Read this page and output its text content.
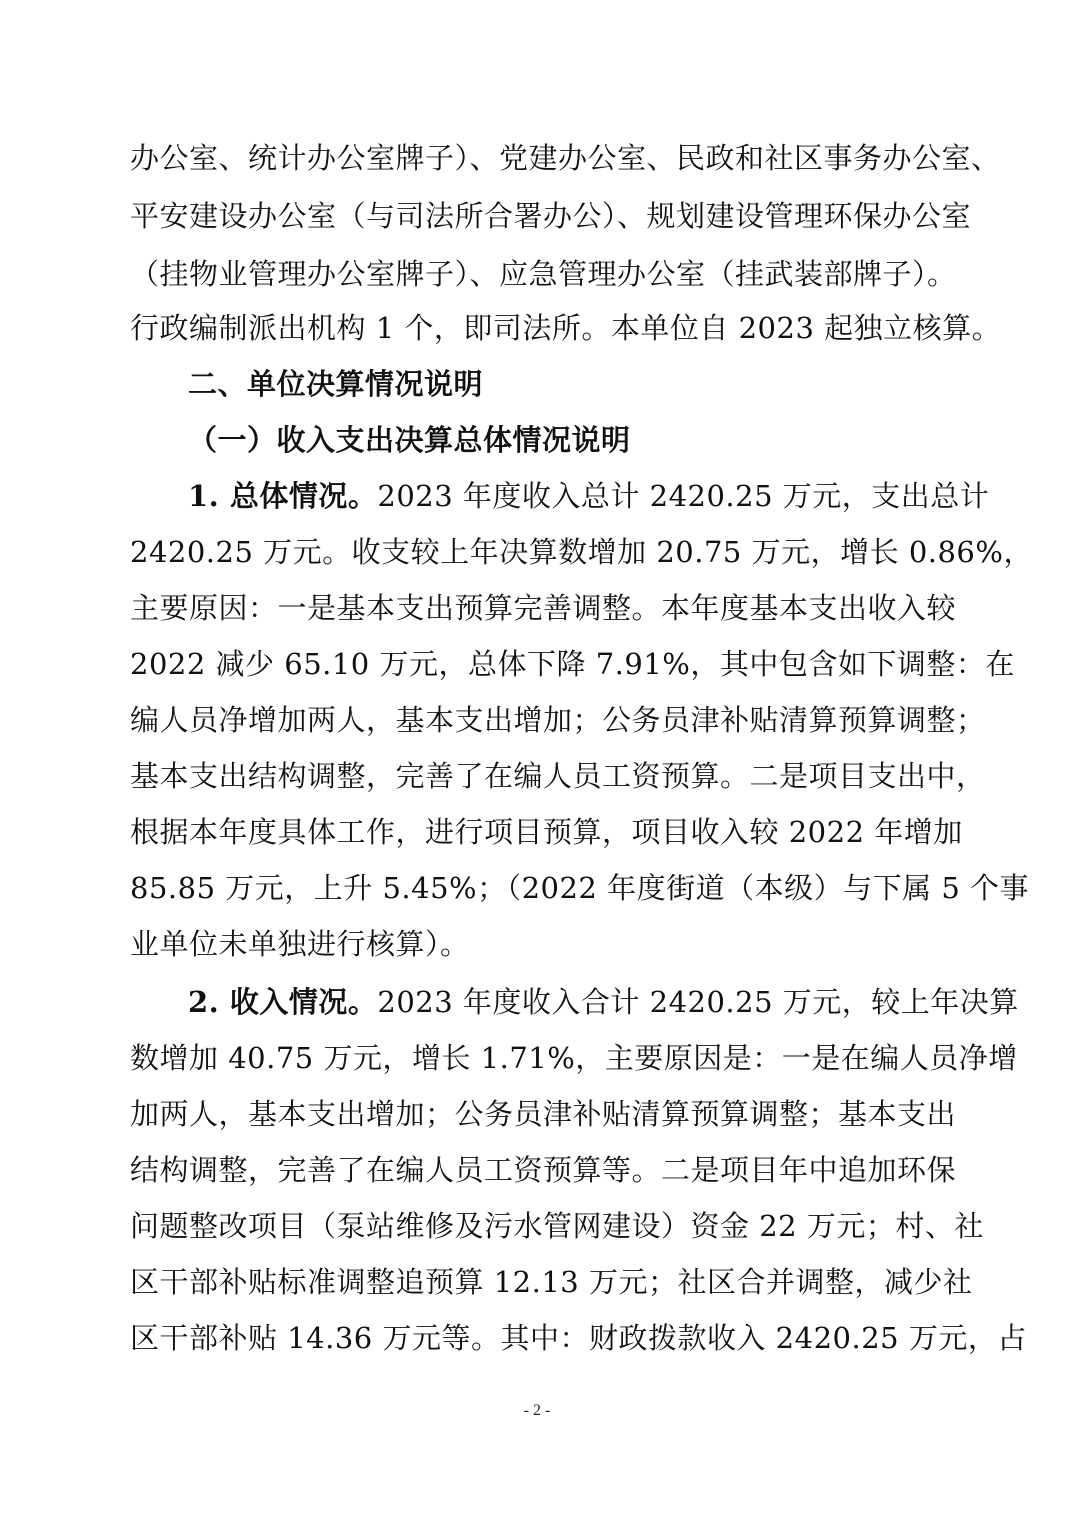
办公室、统计办公室牌子）、党建办公室、民政和社区事务办公室、
平安建设办公室（与司法所合署办公）、规划建设管理环保办公室
（挂物业管理办公室牌子）、应急管理办公室（挂武装部牌子）。
行政编制派出机构 1 个，即司法所。本单位自 2023 起独立核算。
二、单位决算情况说明
（一）收入支出决算总体情况说明
1. 总体情况。2023 年度收入总计 2420.25 万元，支出总计
2420.25 万元。收支较上年决算数增加 20.75 万元，增长 0.86%，
主要原因：一是基本支出预算完善调整。本年度基本支出收入较
2022 减少 65.10 万元，总体下降 7.91%，其中包含如下调整：在
编人员净增加两人，基本支出增加；公务员津补贴清算预算调整；
基本支出结构调整，完善了在编人员工资预算。二是项目支出中，
根据本年度具体工作，进行项目预算，项目收入较 2022 年增加
85.85 万元，上升 5.45%；（2022 年度街道（本级）与下属 5 个事
业单位未单独进行核算）。
2. 收入情况。2023 年度收入合计 2420.25 万元，较上年决算
数增加 40.75 万元，增长 1.71%，主要原因是：一是在编人员净增
加两人，基本支出增加；公务员津补贴清算预算调整；基本支出
结构调整，完善了在编人员工资预算等。二是项目年中追加环保
问题整改项目（泵站维修及污水管网建设）资金 22 万元；村、社
区干部补贴标准调整追预算 12.13 万元；社区合并调整，减少社
区干部补贴 14.36 万元等。其中：财政拨款收入 2420.25 万元，占
- 2 -
